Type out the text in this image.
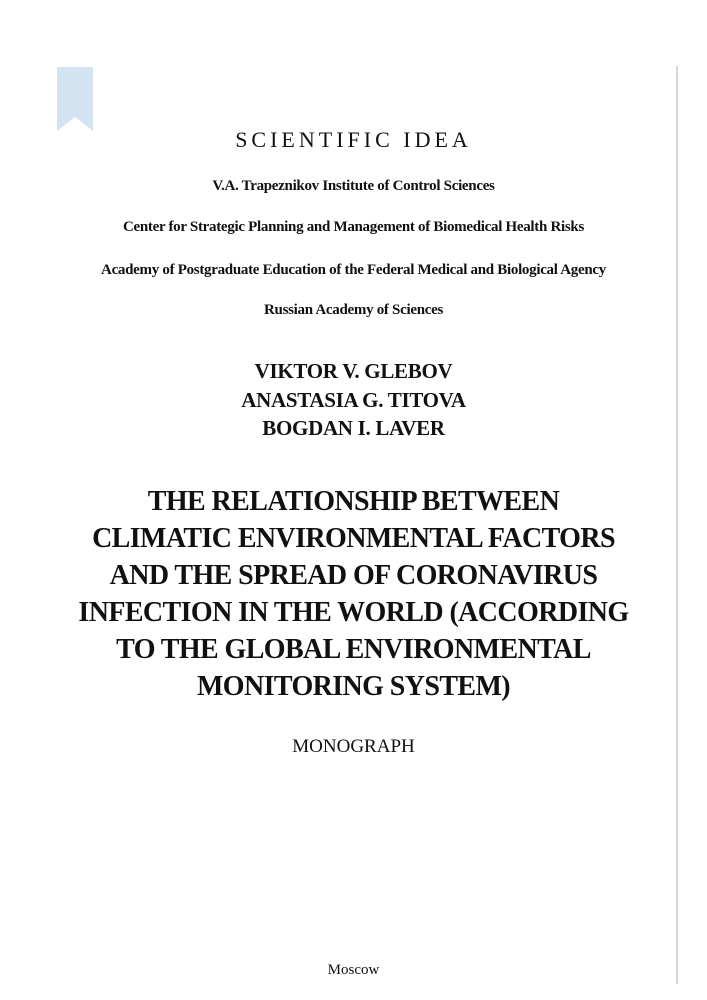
SCIENTIFIC IDEA
V.A. Trapeznikov Institute of Control Sciences
Center for Strategic Planning and Management of Biomedical Health Risks
Academy of Postgraduate Education of the Federal Medical and Biological Agency
Russian Academy of Sciences
VIKTOR V. GLEBOV
ANASTASIA G. TITOVA
BOGDAN I. LAVER
THE RELATIONSHIP BETWEEN
CLIMATIC ENVIRONMENTAL FACTORS
AND THE SPREAD OF CORONAVIRUS
INFECTION IN THE WORLD (ACCORDING
TO THE GLOBAL ENVIRONMENTAL
MONITORING SYSTEM)
MONOGRAPH
Moscow
